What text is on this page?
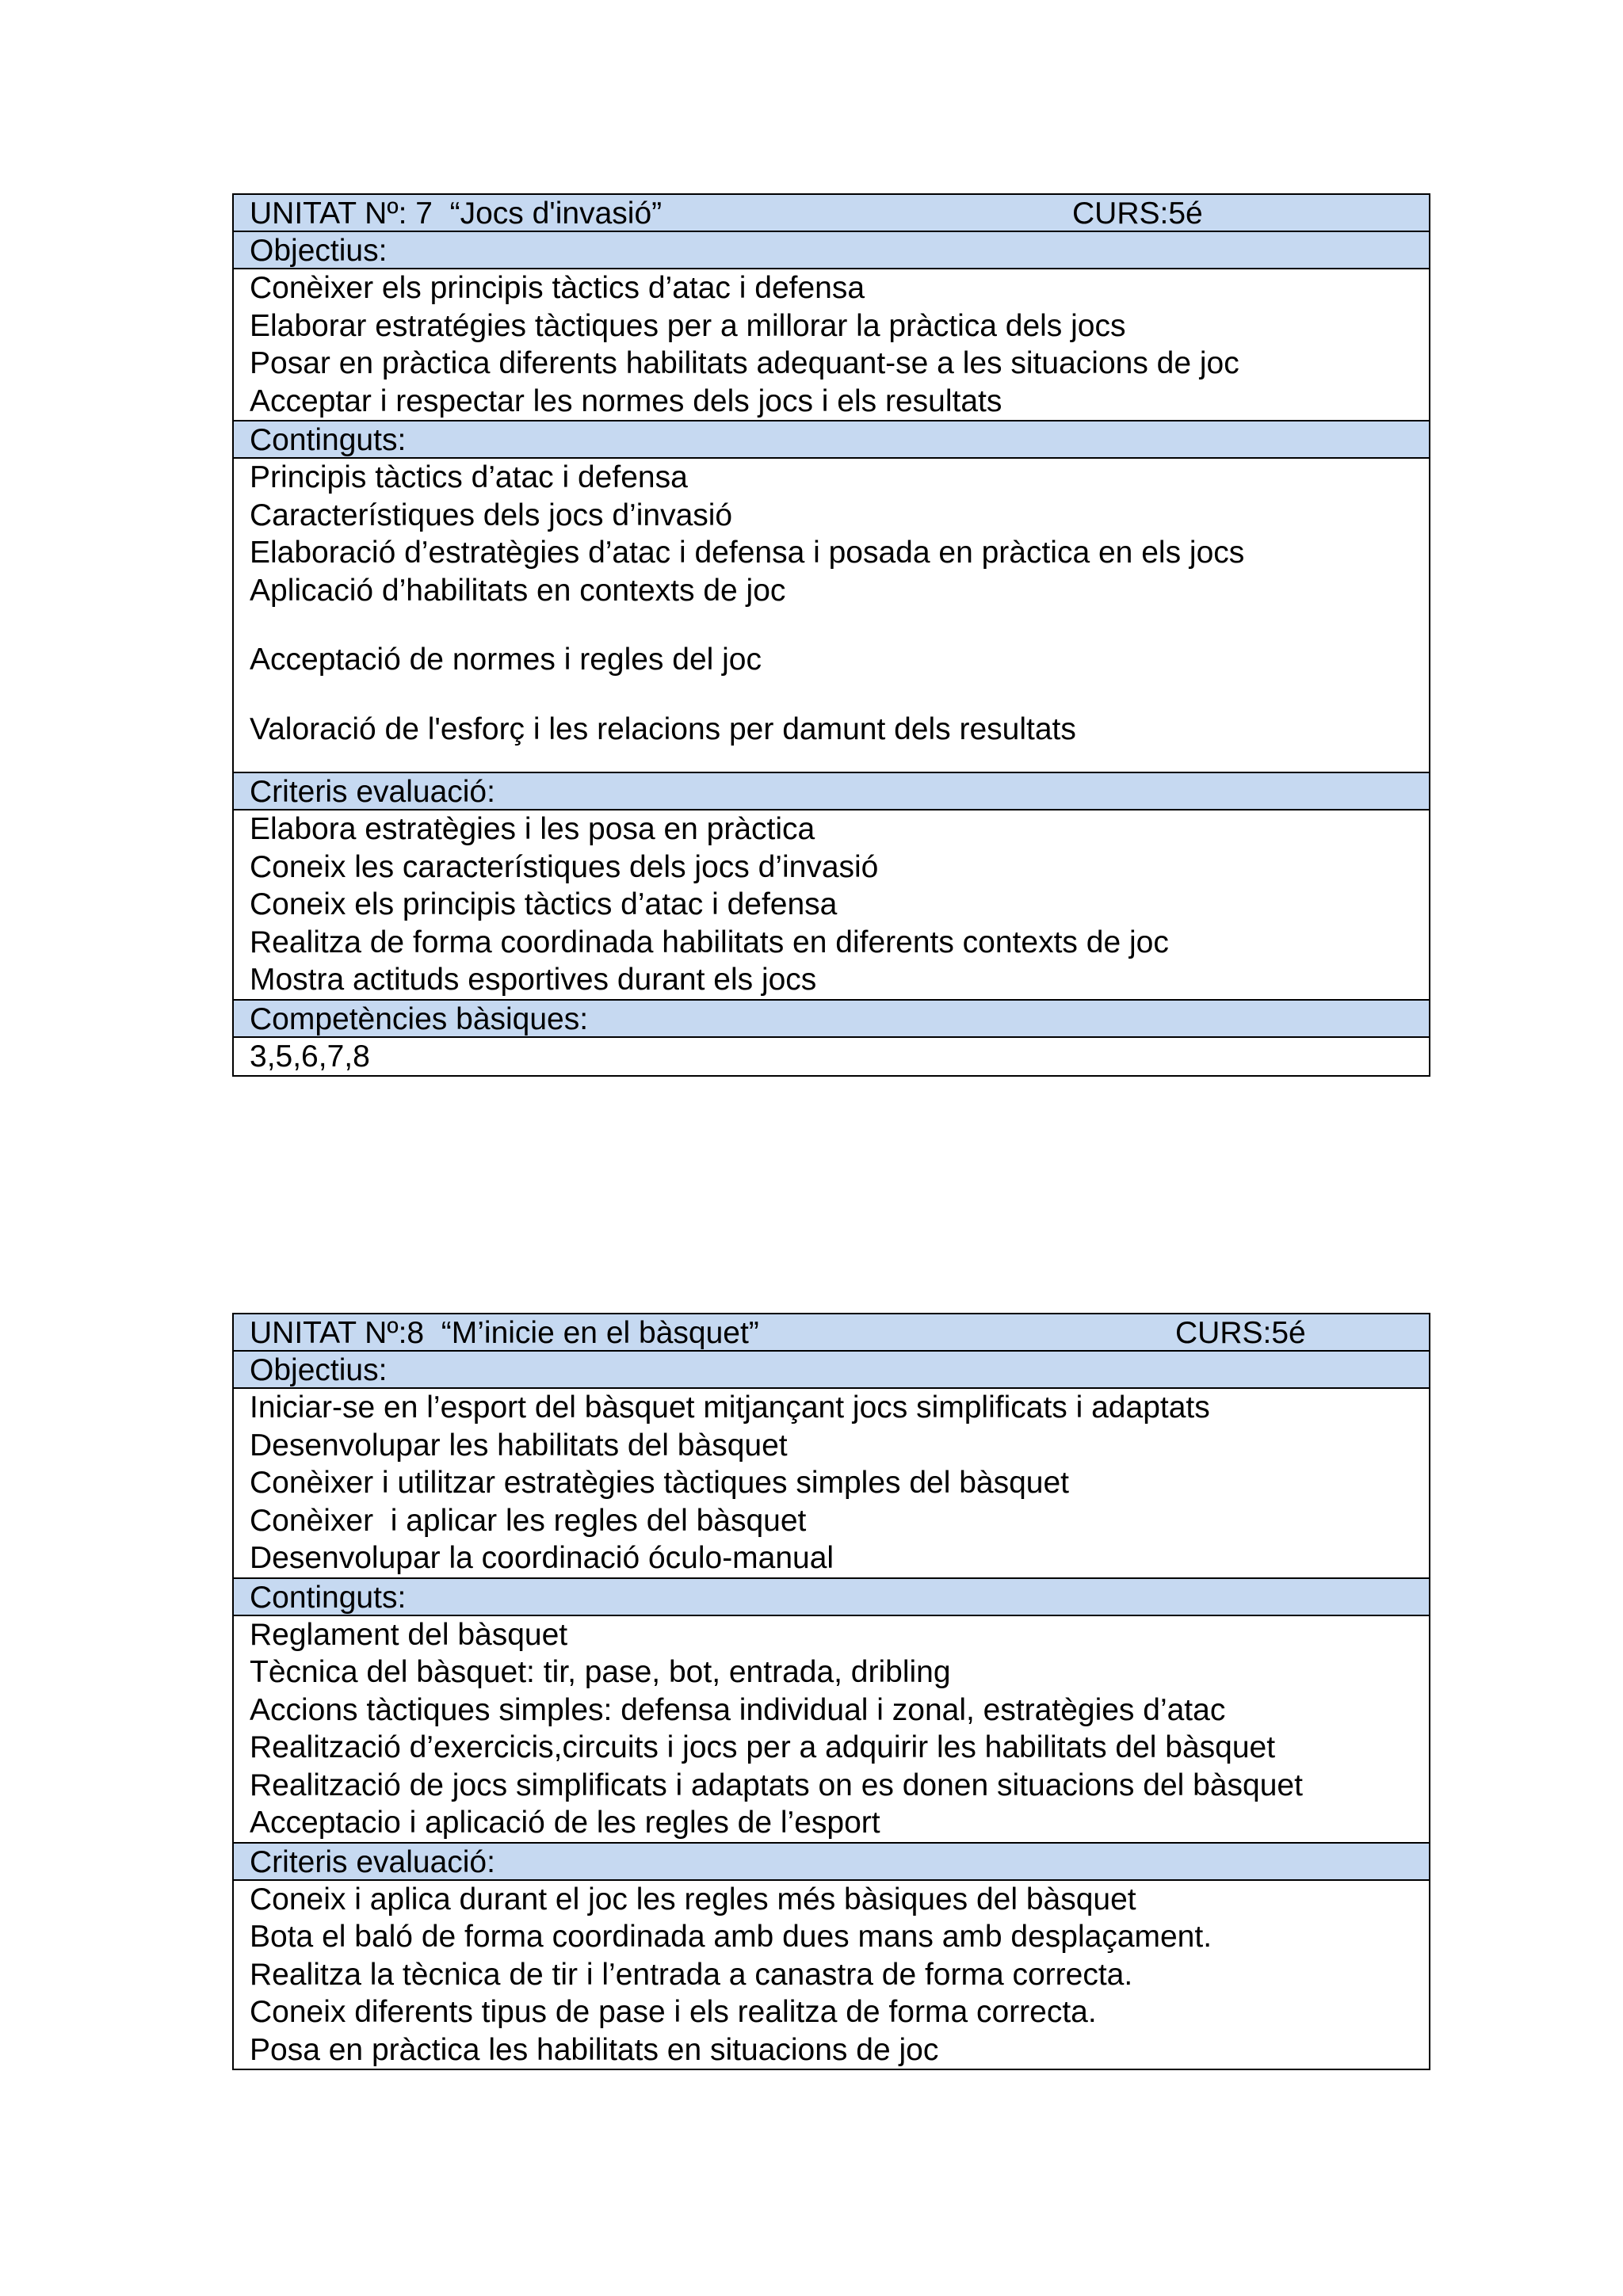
UNITAT Nº: 7  “Jocs d'invasió”	CURS:5é
Objectius:
Conèixer els principis tàctics d’atac i defensa
Elaborar estratégies tàctiques per a millorar la pràctica dels jocs
Posar en pràctica diferents habilitats adequant-se a les situacions de joc
Acceptar i respectar les normes dels jocs i els resultats
Continguts:
Principis tàctics d’atac i defensa
Característiques dels jocs d’invasió
Elaboració d’estratègies d’atac i defensa i posada en pràctica en els jocs
Aplicació d’habilitats en contexts de joc
Acceptació de normes i regles del joc
Valoració de l'esforç i les relacions per damunt dels resultats
Criteris evaluació:
Elabora estratègies i les posa en pràctica
Coneix les característiques dels jocs d’invasió
Coneix els principis tàctics d’atac i defensa
Realitza de forma coordinada habilitats en diferents contexts de joc
Mostra actituds esportives durant els jocs
Competències bàsiques:
3,5,6,7,8
UNITAT Nº:8  “M’inicie en el bàsquet”	CURS:5é
Objectius:
Iniciar-se en l’esport del bàsquet mitjançant jocs simplificats i adaptats
Desenvolupar les habilitats del bàsquet
Conèixer i utilitzar estratègies tàctiques simples del bàsquet
Conèixer  i aplicar les regles del bàsquet
Desenvolupar la coordinació óculo-manual
Continguts:
Reglament del bàsquet
Tècnica del bàsquet: tir, pase, bot, entrada, dribling
Accions tàctiques simples: defensa individual i zonal, estratègies d’atac
Realització d’exercicis,circuits i jocs per a adquirir les habilitats del bàsquet
Realització de jocs simplificats i adaptats on es donen situacions del bàsquet
Acceptacio i aplicació de les regles de l’esport
Criteris evaluació:
Coneix i aplica durant el joc les regles més bàsiques del bàsquet
Bota el baló de forma coordinada amb dues mans amb desplaçament.
Realitza la tècnica de tir i l’entrada a canastra de forma correcta.
Coneix diferents tipus de pase i els realitza de forma correcta.
Posa en pràctica les habilitats en situacions de joc
